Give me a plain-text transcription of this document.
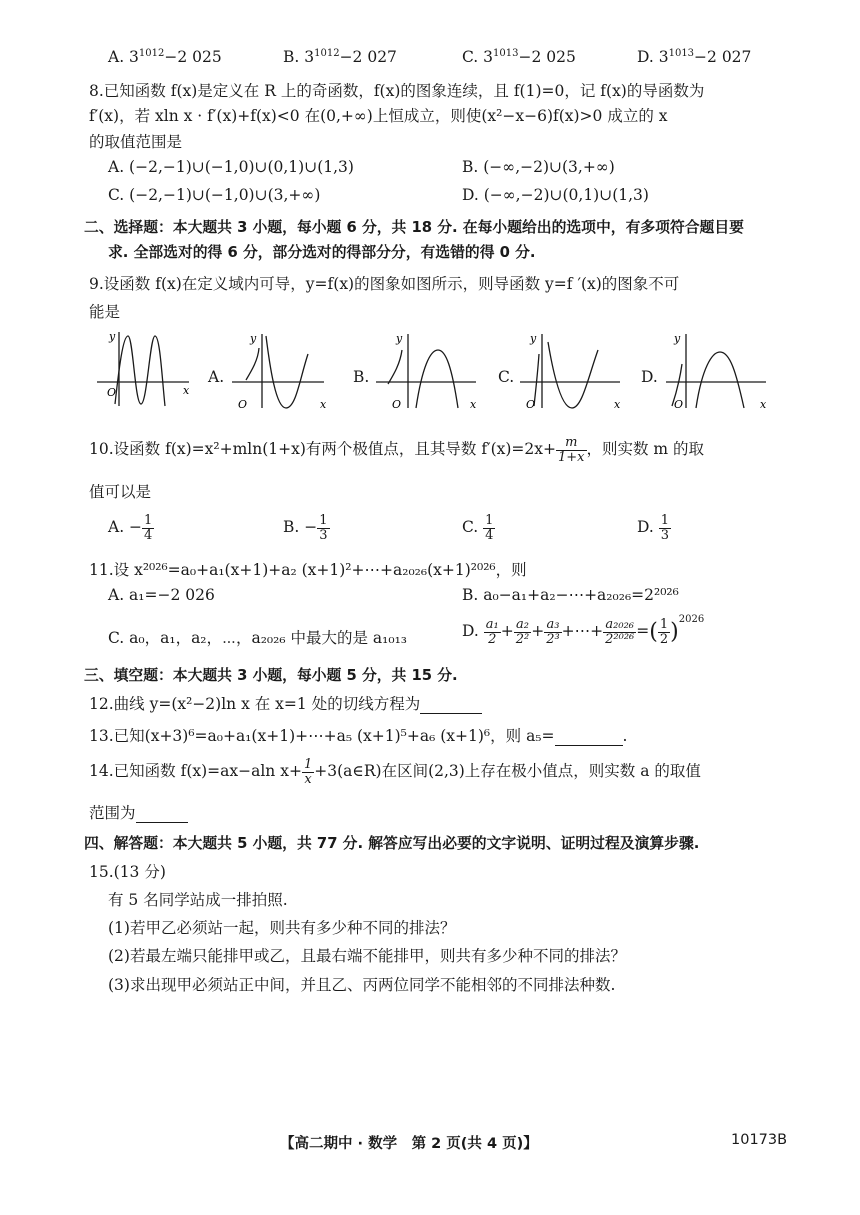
A. $3^{1012}-2$ 025	B. $3^{1012}-2$ 027	C. $3^{1013}-2$ 025	D. $3^{1013}-2$ 027
8.已知函数 f(x)是定义在 R 上的奇函数，f(x)的图象连续，且 f(1)=0，记 f(x)的导函数为
f′(x)，若 xln x · f′(x)+f(x)<0 在(0,+∞)上恒成立，则使(x²−x−6)f(x)>0 成立的 x
的取值范围是
A. (−2,−1)∪(−1,0)∪(0,1)∪(1,3)	B. (−∞,−2)∪(3,+∞)
C. (−2,−1)∪(−1,0)∪(3,+∞)	D. (−∞,−2)∪(0,1)∪(1,3)
二、选择题：本大题共 3 小题，每小题 6 分，共 18 分. 在每小题给出的选项中，有多项符合题目要
求. 全部选对的得 6 分，部分选对的得部分分，有选错的得 0 分.
9.设函数 f(x)在定义域内可导，y=f(x)的图象如图所示，则导函数 y=f ′(x)的图象不可
能是
y
x
O
A.
y
x
O
B.
y
x
O
C.
y
x
O
D.
y
x
O
10.设函数 f(x)=x²+mln(1+x)有两个极值点，且其导数 $f'(x)=2x+ \frac{m}{1+x}$ ，则实数 m 的取
值可以是
A. − $\frac{1}{4}$	B. − $\frac{1}{3}$	C. $\frac{1}{4}$	D. $\frac{1}{3}$
11.设 x²⁰²⁶=a₀+a₁(x+1)+a₂ (x+1)²+⋯+a₂₀₂₆(x+1)²⁰²⁶，则
A. a₁=−2 026	B. a₀−a₁+a₂−⋯+a₂₀₂₆=2²⁰²⁶
C. a₀，a₁，a₂，⋯，a₂₀₂₆ 中最大的是 a₁₀₁₃	D. $\frac{\text{a₁}}{2} + \frac{\text{a₂}}{\text{2²}} + \frac{\text{a₃}}{\text{2³}}$ +⋯+ $\frac{\text{a₂₀₂₆}}{\text{2²⁰²⁶}}$ =( $\frac{1}{2} )^{2026}$
三、填空题：本大题共 3 小题，每小题 5 分，共 15 分.
12.曲线 y=(x²−2)ln x 在 x=1 处的切线方程为
13.已知(x+3)⁶=a₀+a₁(x+1)+⋯+a₅ (x+1)⁵+a₆ (x+1)⁶，则 a₅=	.
14.已知函数 f(x)=ax−aln $x+ \frac{1}{x}$ +3(a∈R)在区间(2,3)上存在极小值点，则实数 a 的取值
范围为
四、解答题：本大题共 5 小题，共 77 分. 解答应写出必要的文字说明、证明过程及演算步骤.
15.(13 分)
有 5 名同学站成一排拍照.
(1)若甲乙必须站一起，则共有多少种不同的排法？
(2)若最左端只能排甲或乙，且最右端不能排甲，则共有多少种不同的排法？
(3)求出现甲必须站正中间，并且乙、丙两位同学不能相邻的不同排法种数.
【高二期中 · 数学　第 2 页(共 4 页)】	10173B
